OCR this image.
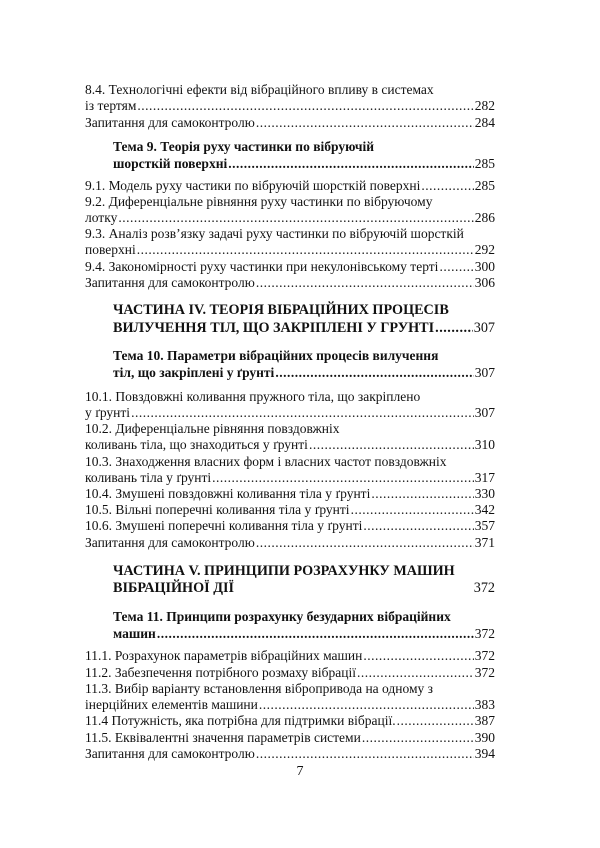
8.4. Технологічні ефекти від вібраційного впливу в системах
із тертям .....	282
Запитання для самоконтролю .....	284
Тема 9. Теорія руху частинки по вібруючій
шорсткій поверхні .....	285
9.1. Модель руху частики по вібруючій шорсткій поверхні .....	285
9.2. Диференціальне рівняння руху частинки по вібруючому
лотку .....	286
9.3. Аналіз розв’язку задачі руху частинки по вібруючій шорсткій
поверхні .....	292
9.4. Закономірності руху частинки при некулонівському терті .....	300
Запитання для самоконтролю .....	306
ЧАСТИНА IV. ТЕОРІЯ ВІБРАЦІЙНИХ ПРОЦЕСІВ
ВИЛУЧЕННЯ ТІЛ, ЩО ЗАКРІПЛЕНІ У ГРУНТІ .....	307
Тема 10. Параметри вібраційних процесів вилучення
тіл, що закріплені у ґрунті .....	307
10.1. Повздовжні коливання пружного тіла, що закріплено
у ґрунті .....	307
10.2. Диференціальне рівняння повздовжніх
коливань тіла, що знаходиться у ґрунті .....	310
10.3. Знаходження власних форм і власних частот повздовжніх
коливань тіла у ґрунті .....	317
10.4. Змушені повздовжні коливання тіла у ґрунті .....	330
10.5. Вільні поперечні коливання тіла у ґрунті .....	342
10.6. Змушені поперечні коливання тіла у ґрунті .....	357
Запитання для самоконтролю .....	371
ЧАСТИНА V. ПРИНЦИПИ РОЗРАХУНКУ МАШИН
ВІБРАЦІЙНОЇ ДІЇ	372
Тема 11. Принципи розрахунку безударних вібраційних
машин .....	372
11.1. Розрахунок параметрів вібраційних машин .....	372
11.2. Забезпечення потрібного розмаху вібрації .....	372
11.3. Вибір варіанту встановлення вібропривода на одному з
інерційних елементів машини .....	383
11.4 Потужність, яка потрібна для підтримки вібрації. .....	387
11.5. Еквівалентні значення параметрів системи .....	390
Запитання для самоконтролю .....	394
7
